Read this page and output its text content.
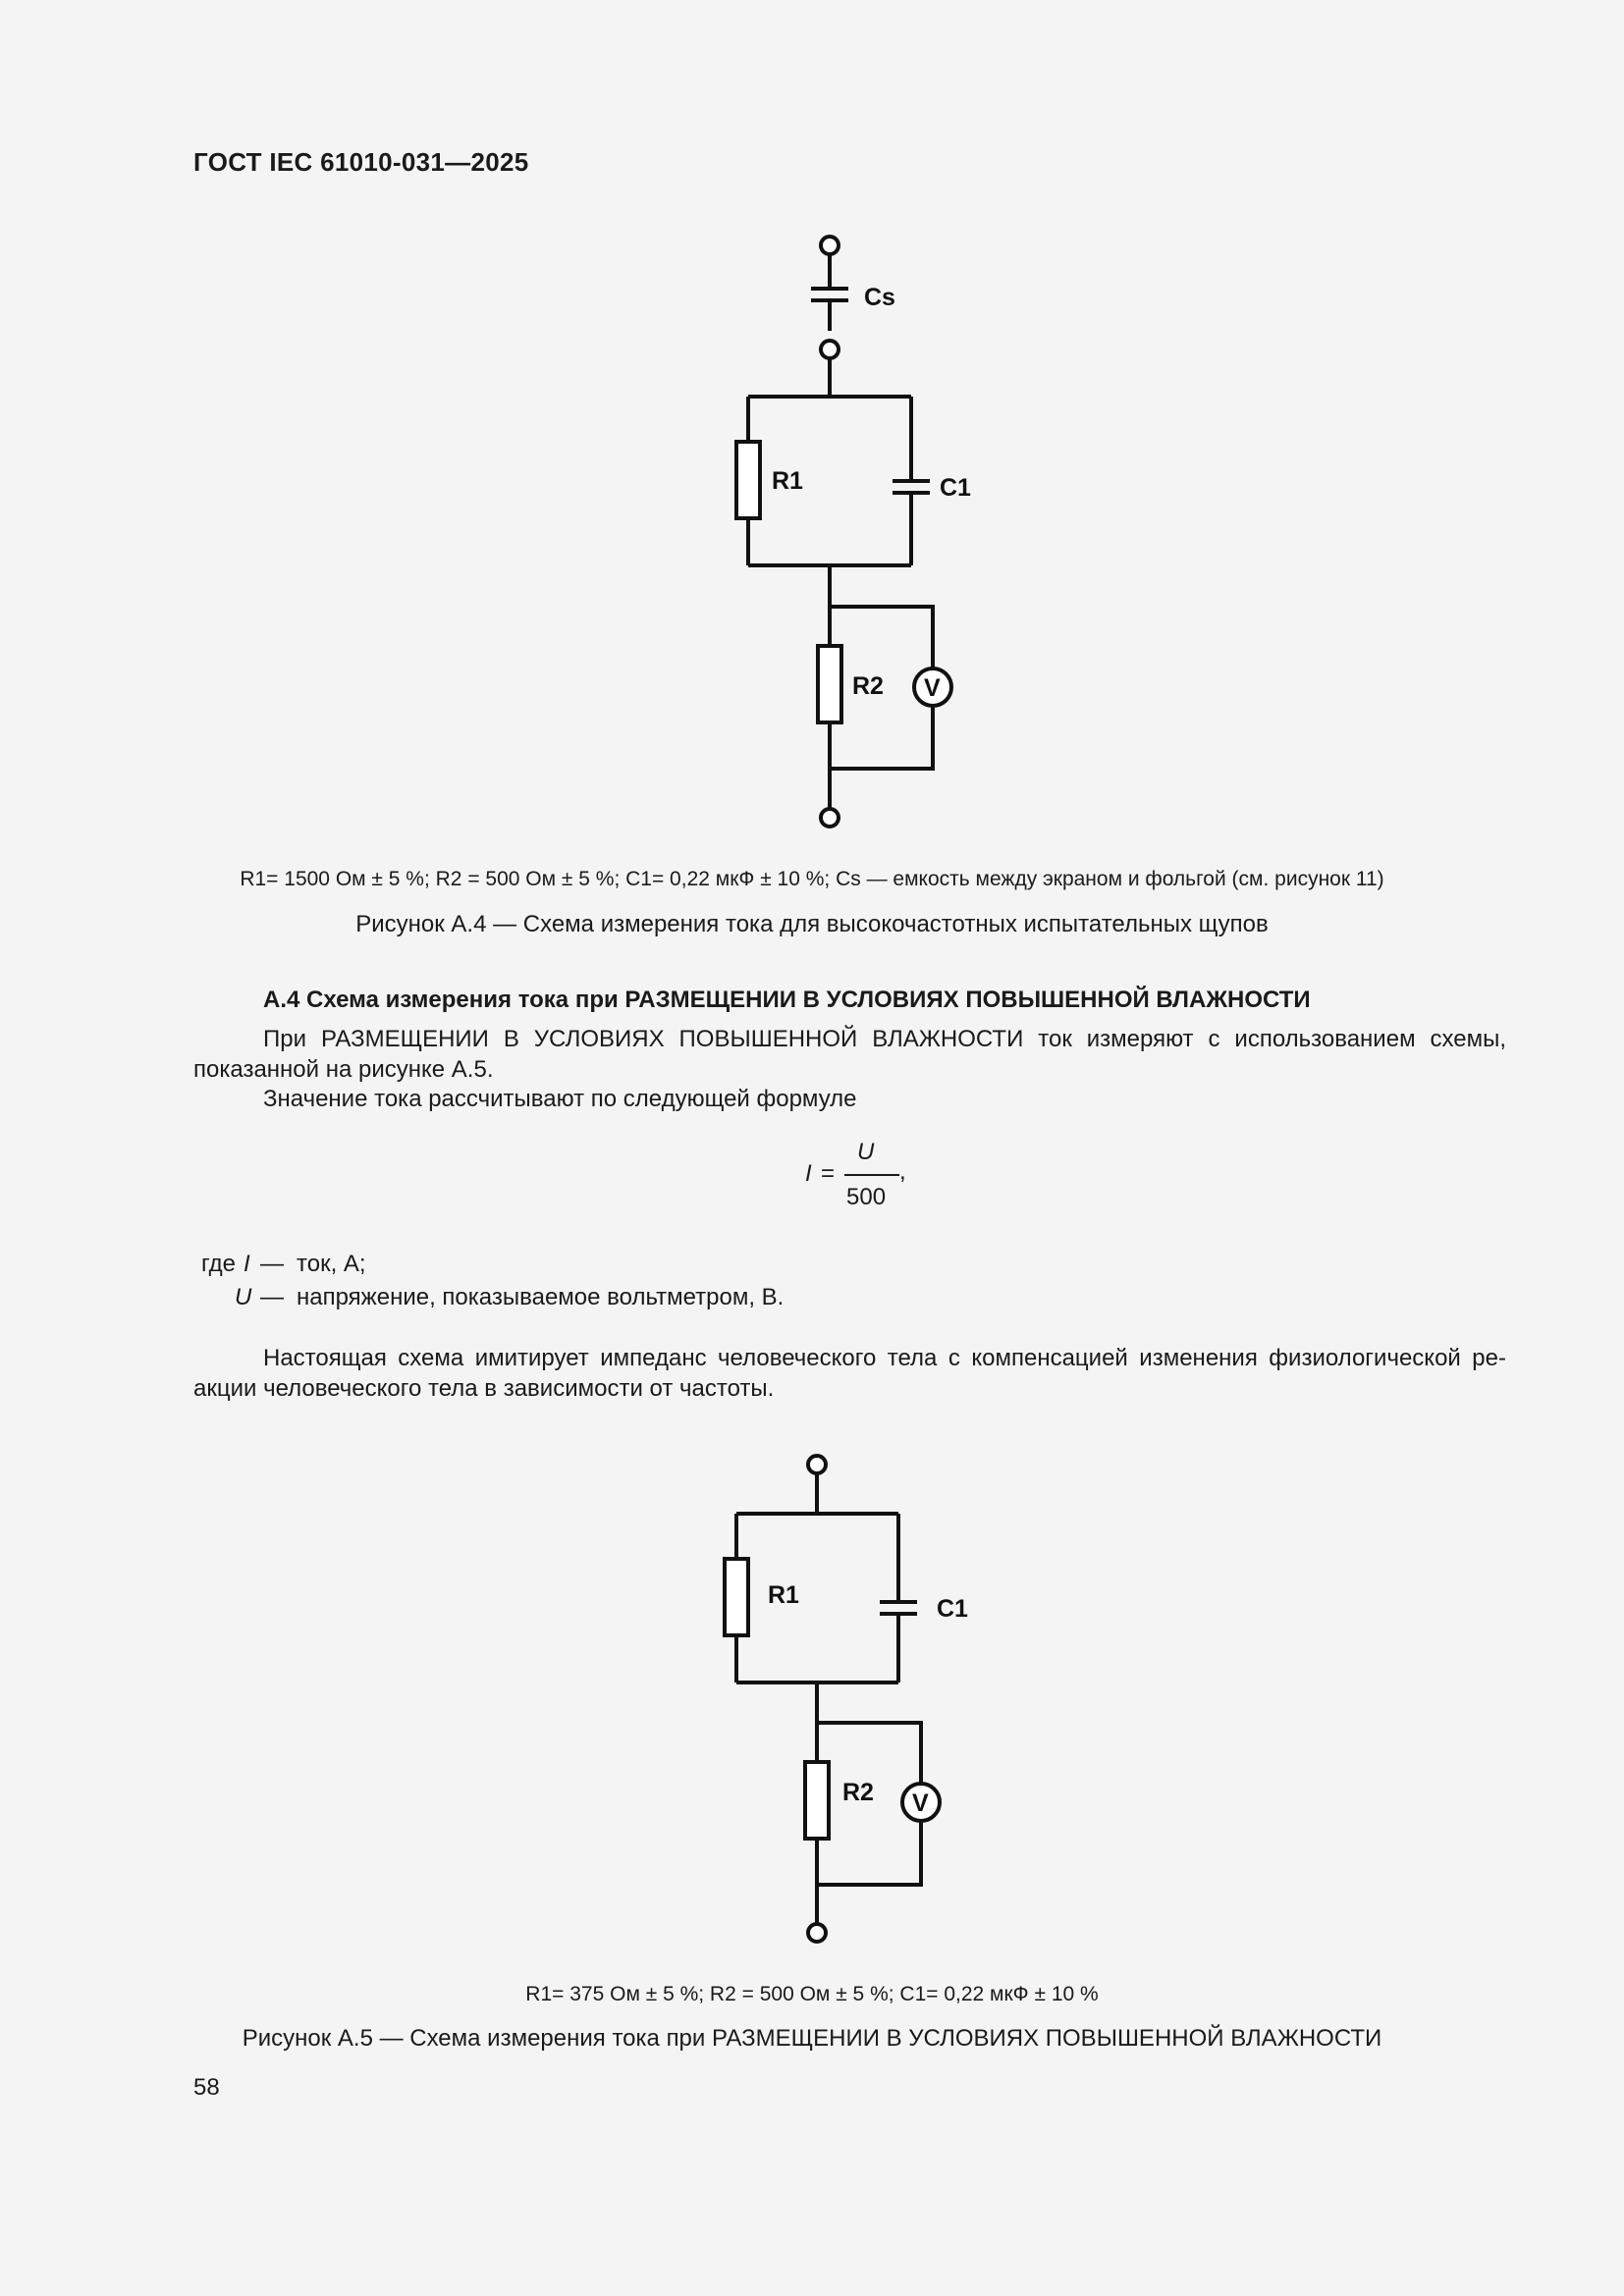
ГОСТ IEC 61010-031—2025
Cs
R1	C1
R2 V
R1= 1500 Ом ± 5 %; R2 = 500 Ом ± 5 %; C1= 0,22 мкФ ± 10 %; Cs — емкость между экраном и фольгой (см. рисунок 11)
Рисунок А.4 — Схема измерения тока для высокочастотных испытательных щупов
А.4 Схема измерения тока при РАЗМЕЩЕНИИ В УСЛОВИЯХ ПОВЫШЕННОЙ ВЛАЖНОСТИ
При РАЗМЕЩЕНИИ В УСЛОВИЯХ ПОВЫШЕННОЙ ВЛАЖНОСТИ ток измеряют с использованием схемы,
показанной на рисунке А.5.
Значение тока рассчитывают по следующей формуле
I =
U
500
,
где I — ток, А;
U — напряжение, показываемое вольтметром, В.
Настоящая схема имитирует импеданс человеческого тела с компенсацией изменения физиологической ре-
акции человеческого тела в зависимости от частоты.
R1	C1
R2 V
R1= 375 Ом ± 5 %; R2 = 500 Ом ± 5 %; C1= 0,22 мкФ ± 10 %
Рисунок А.5 — Схема измерения тока при РАЗМЕЩЕНИИ В УСЛОВИЯХ ПОВЫШЕННОЙ ВЛАЖНОСТИ
58
